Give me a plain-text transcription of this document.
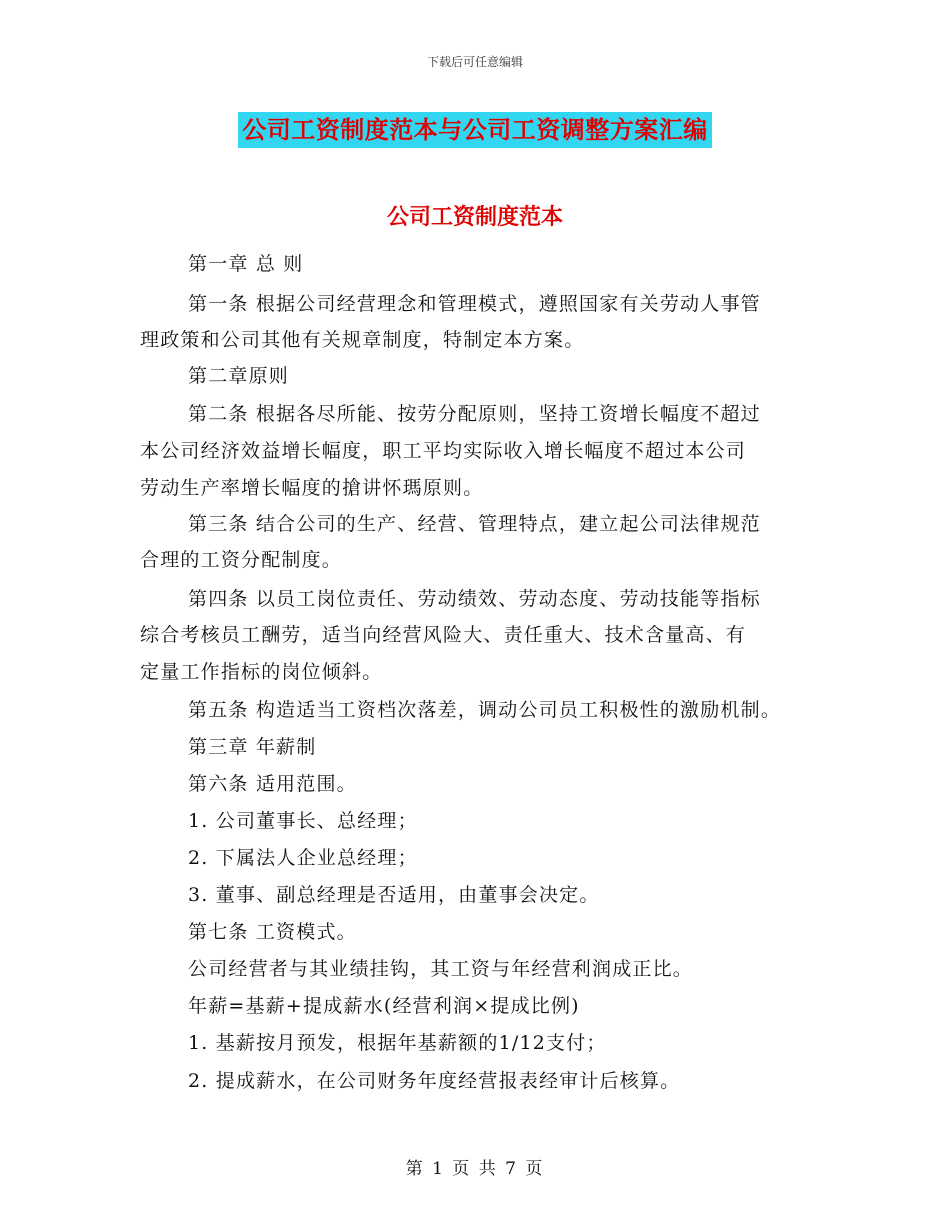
下载后可任意编辑
公司工资制度范本与公司工资调整方案汇编
公司工资制度范本
第一章 总 则
第一条 根据公司经营理念和管理模式，遵照国家有关劳动人事管
理政策和公司其他有关规章制度，特制定本方案。
第二章原则
第二条 根据各尽所能、按劳分配原则，坚持工资增长幅度不超过
本公司经济效益增长幅度，职工平均实际收入增长幅度不超过本公司
劳动生产率增长幅度的搶讲怀瑪原则。
第三条 结合公司的生产、经营、管理特点，建立起公司法律规范
合理的工资分配制度。
第四条 以员工岗位责任、劳动绩效、劳动态度、劳动技能等指标
综合考核员工酬劳，适当向经营风险大、责任重大、技术含量高、有
定量工作指标的岗位倾斜。
第五条 构造适当工资档次落差，调动公司员工积极性的激励机制。
第三章 年薪制
第六条 适用范围。
1. 公司董事长、总经理；
2. 下属法人企业总经理；
3. 董事、副总经理是否适用，由董事会决定。
第七条 工资模式。
公司经营者与其业绩挂钩，其工资与年经营利润成正比。
年薪=基薪+提成薪水(经营利润×提成比例)
1. 基薪按月预发，根据年基薪额的1/12支付；
2. 提成薪水，在公司财务年度经营报表经审计后核算。
第 1 页 共 7 页
